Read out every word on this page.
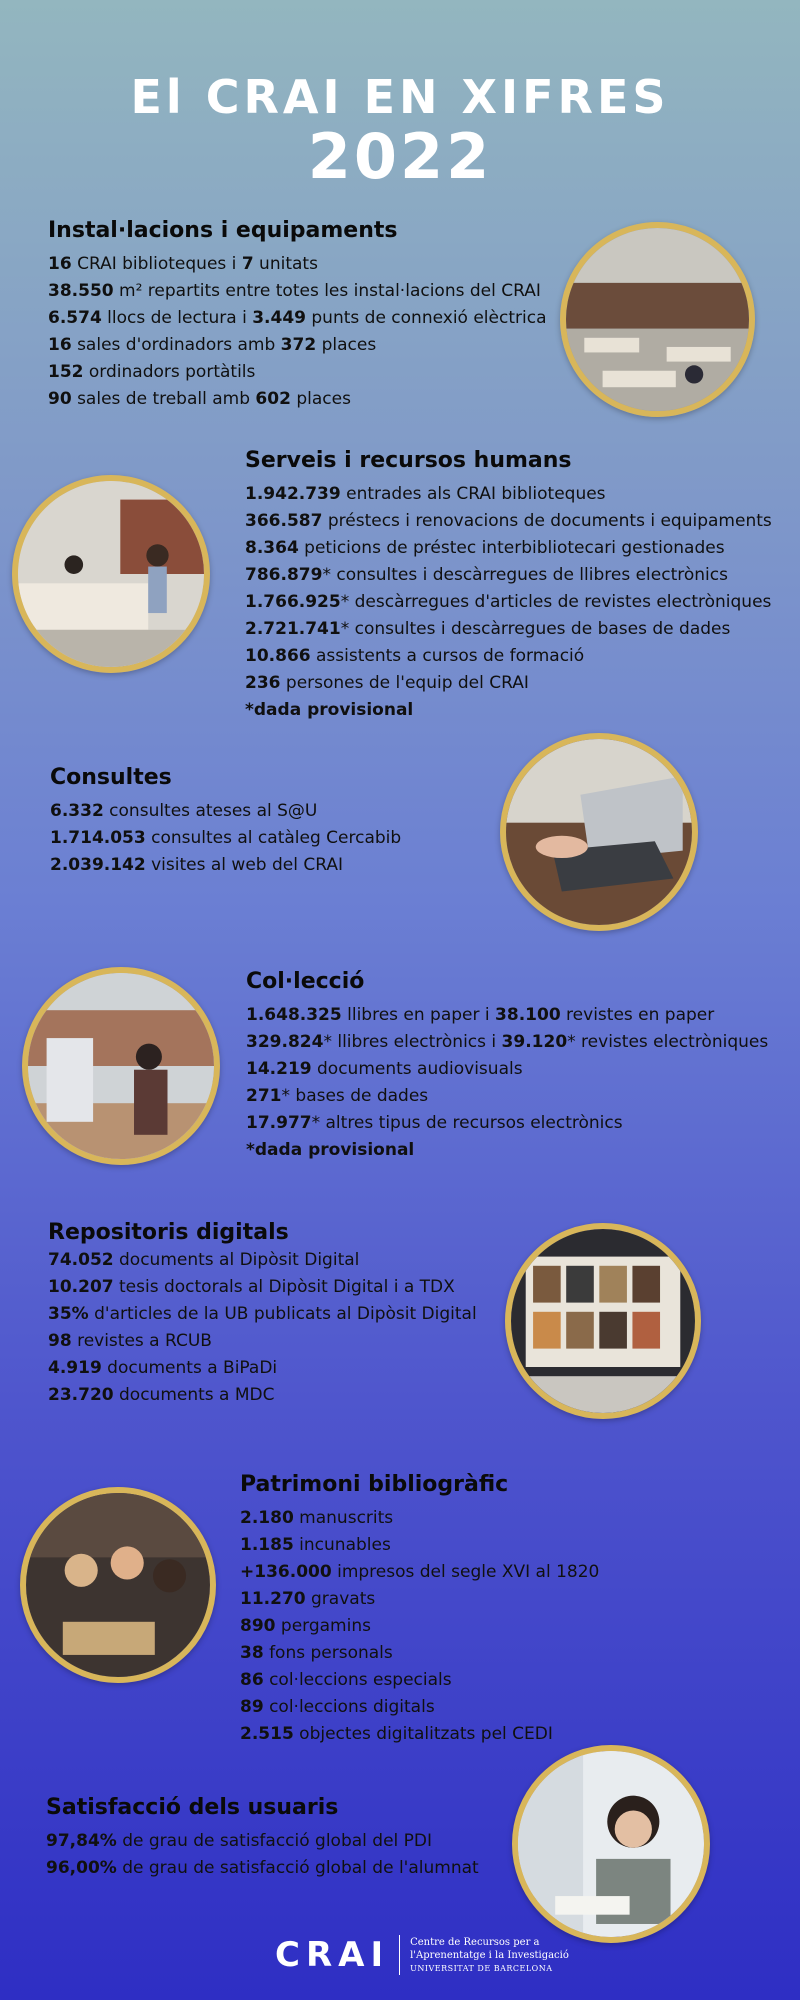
El CRAI EN XIFRES
2022
Instal·lacions i equipaments
16 CRAI biblioteques i 7 unitats
38.550 m² repartits entre totes les instal·lacions del CRAI
6.574 llocs de lectura i 3.449 punts de connexió elèctrica
16 sales d'ordinadors amb 372 places
152 ordinadors portàtils
90 sales de treball amb 602 places
Serveis i recursos humans
1.942.739 entrades als CRAI biblioteques
366.587 préstecs i renovacions de documents i equipaments
8.364 peticions de préstec interbibliotecari gestionades
786.879* consultes i descàrregues de llibres electrònics
1.766.925* descàrregues d'articles de revistes electròniques
2.721.741* consultes i descàrregues de bases de dades
10.866 assistents a cursos de formació
236 persones de l'equip del CRAI
*dada provisional
Consultes
6.332 consultes ateses al S@U
1.714.053 consultes al catàleg Cercabib
2.039.142 visites al web del CRAI
Col·lecció
1.648.325 llibres en paper i 38.100 revistes en paper
329.824* llibres electrònics i 39.120* revistes electròniques
14.219 documents audiovisuals
271* bases de dades
17.977* altres tipus de recursos electrònics
*dada provisional
Repositoris digitals
74.052 documents al Dipòsit Digital
10.207 tesis doctorals al Dipòsit Digital i a TDX
35% d'articles de la UB publicats al Dipòsit Digital
98 revistes a RCUB
4.919 documents a BiPaDi
23.720 documents a MDC
Patrimoni bibliogràfic
2.180 manuscrits
1.185 incunables
+136.000 impresos del segle XVI al 1820
11.270 gravats
890 pergamins
38 fons personals
86 col·leccions especials
89 col·leccions digitals
2.515 objectes digitalitzats pel CEDI
Satisfacció dels usuaris
97,84% de grau de satisfacció global del PDI
96,00% de grau de satisfacció global de l'alumnat
CRAI	Centre de Recursos per a
l'Aprenentatge i la Investigació
UNIVERSITAT DE BARCELONA
